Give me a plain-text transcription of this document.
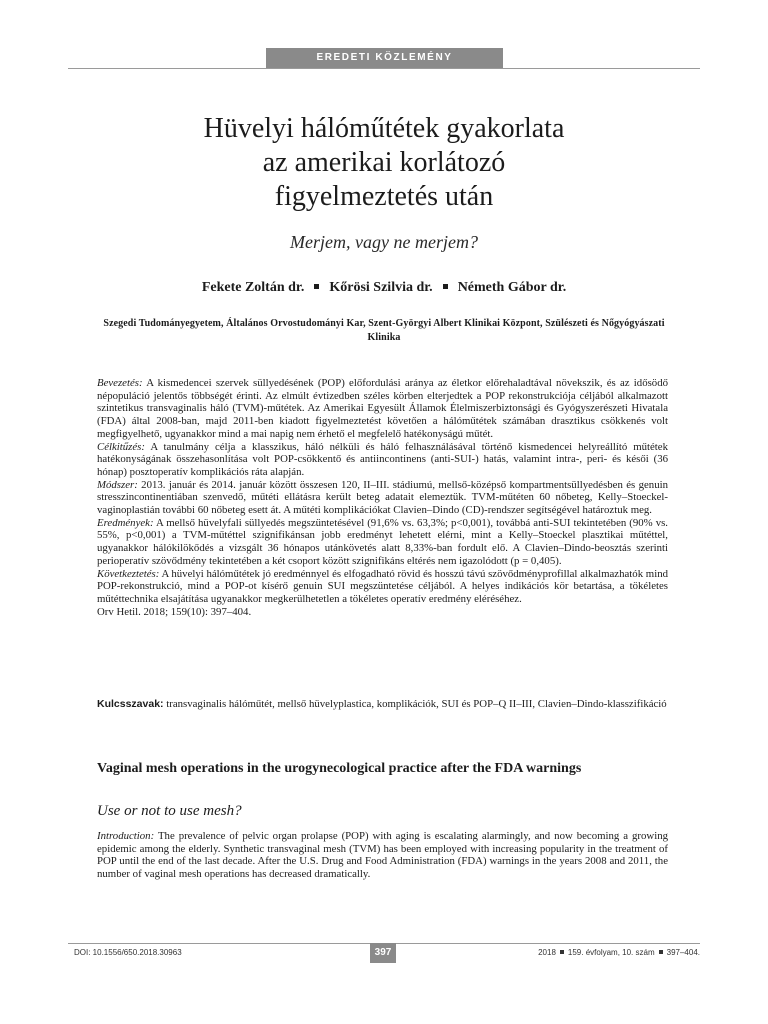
EREDETI KÖZLEMÉNY
Hüvelyi hálóműtétek gyakorlata
az amerikai korlátozó
figyelmeztetés után
Merjem, vagy ne merjem?
Fekete Zoltán dr. Kőrösi Szilvia dr. Németh Gábor dr.
Szegedi Tudományegyetem, Általános Orvostudományi Kar, Szent-Györgyi Albert Klinikai Központ, Szülészeti és Nőgyógyászati Klinika

Bevezetés: A kismedencei szervek süllyedésének (POP) előfordulási aránya az életkor előrehaladtával növekszik, és az idősödő népopuláció jelentős többségét érinti. Az elmúlt évtizedben széles körben elterjedtek a POP rekonstrukciója céljából alkalmazott szintetikus transvaginalis háló (TVM)-műtétek. Az Amerikai Egyesült Államok Élelmiszerbiztonsági és Gyógyszerészeti Hivatala (FDA) által 2008-ban, majd 2011-ben kiadott figyelmeztetést követően a hálóműtétek számában drasztikus csökkenés volt megfigyelhető, ugyanakkor mind a mai napig nem érhető el megfelelő hatékonyságú műtét.

Célkitűzés: A tanulmány célja a klasszikus, háló nélküli és háló felhasználásával történő kismedencei helyreállító műtétek hatékonyságának összehasonlítása volt POP-csökkentő és antiincontinens (anti-SUI-) hatás, valamint intra-, peri- és késői (36 hónap) posztoperatív komplikációs ráta alapján.

Módszer: 2013. január és 2014. január között összesen 120, II–III. stádiumú, mellső-középső kompartmentsüllyedésben és genuin stresszincontinentiában szenvedő, műtéti ellátásra került beteg adatait elemeztük. TVM-műtéten 60 nőbeteg, Kelly–Stoeckel-vaginoplastián további 60 nőbeteg esett át. A műtéti komplikációkat Clavien–Dindo (CD)-rendszer segítségével határoztuk meg.

Eredmények: A mellső hüvelyfali süllyedés megszüntetésével (91,6% vs. 63,3%; p<0,001), továbbá anti-SUI tekintetében (90% vs. 55%, p<0,001) a TVM-műtéttel szignifikánsan jobb eredményt lehetett elérni, mint a Kelly–Stoeckel plasztikai műtéttel, ugyanakkor hálókilökődés a vizsgált 36 hónapos utánkövetés alatt 8,33%-ban fordult elő. A Clavien–Dindo-beosztás szerinti perioperatív szövődmény tekintetében a két csoport között szignifikáns eltérés nem igazolódott (p = 0,405).

Következtetés: A hüvelyi hálóműtétek jó eredménnyel és elfogadható rövid és hosszú távú szövődményprofillal alkalmazhatók mind POP-rekonstrukció, mind a POP-ot kísérő genuin SUI megszüntetése céljából. A helyes indikációs kör betartása, a tökéletes műtéttechnika elsajátítása ugyanakkor megkerülhetetlen a tökéletes operatív eredmény eléréséhez.

Orv Hetil. 2018; 159(10): 397–404.

Kulcsszavak: transvaginalis hálóműtét, mellső hüvelyplastica, komplikációk, SUI és POP–Q II–III, Clavien–Dindo-klasszifikáció
Vaginal mesh operations in the urogynecological practice after the FDA warnings
Use or not to use mesh?

Introduction: The prevalence of pelvic organ prolapse (POP) with aging is escalating alarmingly, and now becoming a growing epidemic among the elderly. Synthetic transvaginal mesh (TVM) has been employed with increasing popularity in the treatment of POP until the end of the last decade. After the U.S. Drug and Food Administration (FDA) warnings in the years 2008 and 2011, the number of vaginal mesh operations has decreased dramatically.

DOI: 10.1556/650.2018.30963	397	2018 159. évfolyam, 10. szám 397–404.
